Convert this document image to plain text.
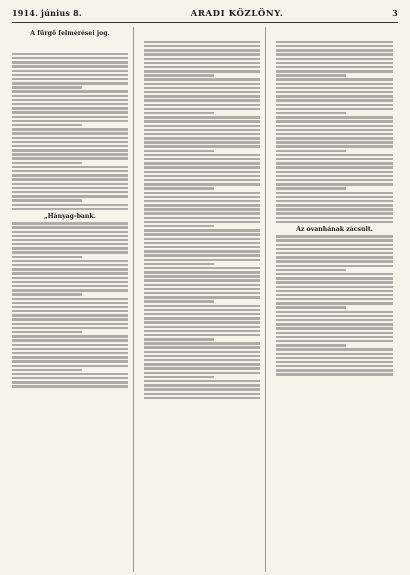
1914. június 8.	ARADI KÖZLÖNY.	3
A fűrgő felmérései jog.
„Hányag-bank.
Az ovanhának zácsult.
